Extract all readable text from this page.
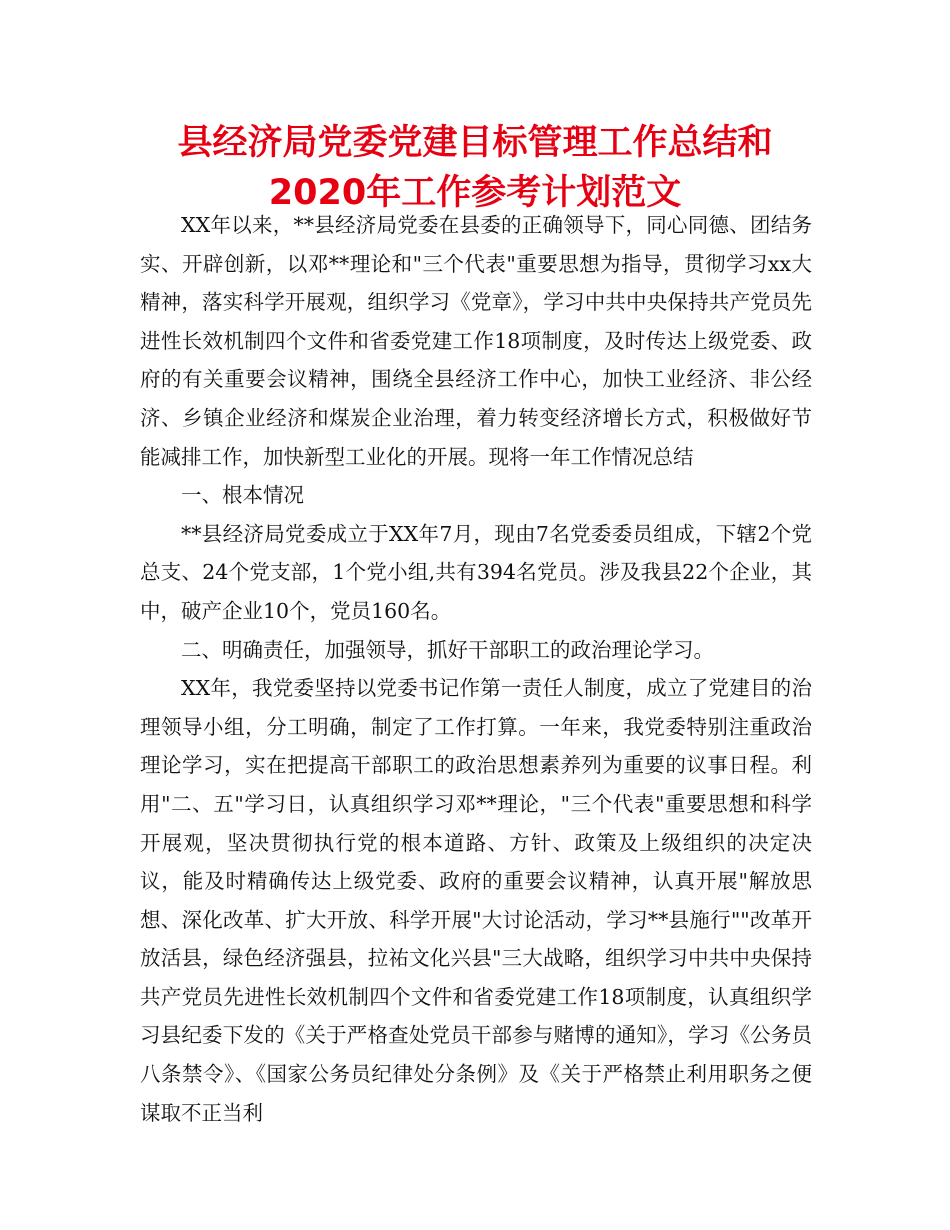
县经济局党委党建目标管理工作总结和
2020年工作参考计划范文

XX年以来，**县经济局党委在县委的正确领导下，同心同德、团结务实、开辟创新，以邓**理论和"三个代表"重要思想为指导，贯彻学习xx大精神，落实科学开展观，组织学习《党章》，学习中共中央保持共产党员先进性长效机制四个文件和省委党建工作18项制度，及时传达上级党委、政府的有关重要会议精神，围绕全县经济工作中心，加快工业经济、非公经济、乡镇企业经济和煤炭企业治理，着力转变经济增长方式，积极做好节能减排工作，加快新型工业化的开展。现将一年工作情况总结

一、根本情况

**县经济局党委成立于XX年7月，现由7名党委委员组成，下辖2个党总支、24个党支部，1个党小组,共有394名党员。涉及我县22个企业，其中，破产企业10个，党员160名。

二、明确责任，加强领导，抓好干部职工的政治理论学习。

XX年，我党委坚持以党委书记作第一责任人制度，成立了党建目的治理领导小组，分工明确，制定了工作打算。一年来，我党委特别注重政治理论学习，实在把提高干部职工的政治思想素养列为重要的议事日程。利用"二、五"学习日，认真组织学习邓**理论，"三个代表"重要思想和科学开展观，坚决贯彻执行党的根本道路、方针、政策及上级组织的决定决议，能及时精确传达上级党委、政府的重要会议精神，认真开展"解放思想、深化改革、扩大开放、科学开展"大讨论活动，学习**县施行""改革开放活县，绿色经济强县，拉祐文化兴县"三大战略，组织学习中共中央保持共产党员先进性长效机制四个文件和省委党建工作18项制度，认真组织学习县纪委下发的《关于严格查处党员干部参与赌博的通知》，学习《公务员八条禁令》、《国家公务员纪律处分条例》及《关于严格禁止利用职务之便谋取不正当利
